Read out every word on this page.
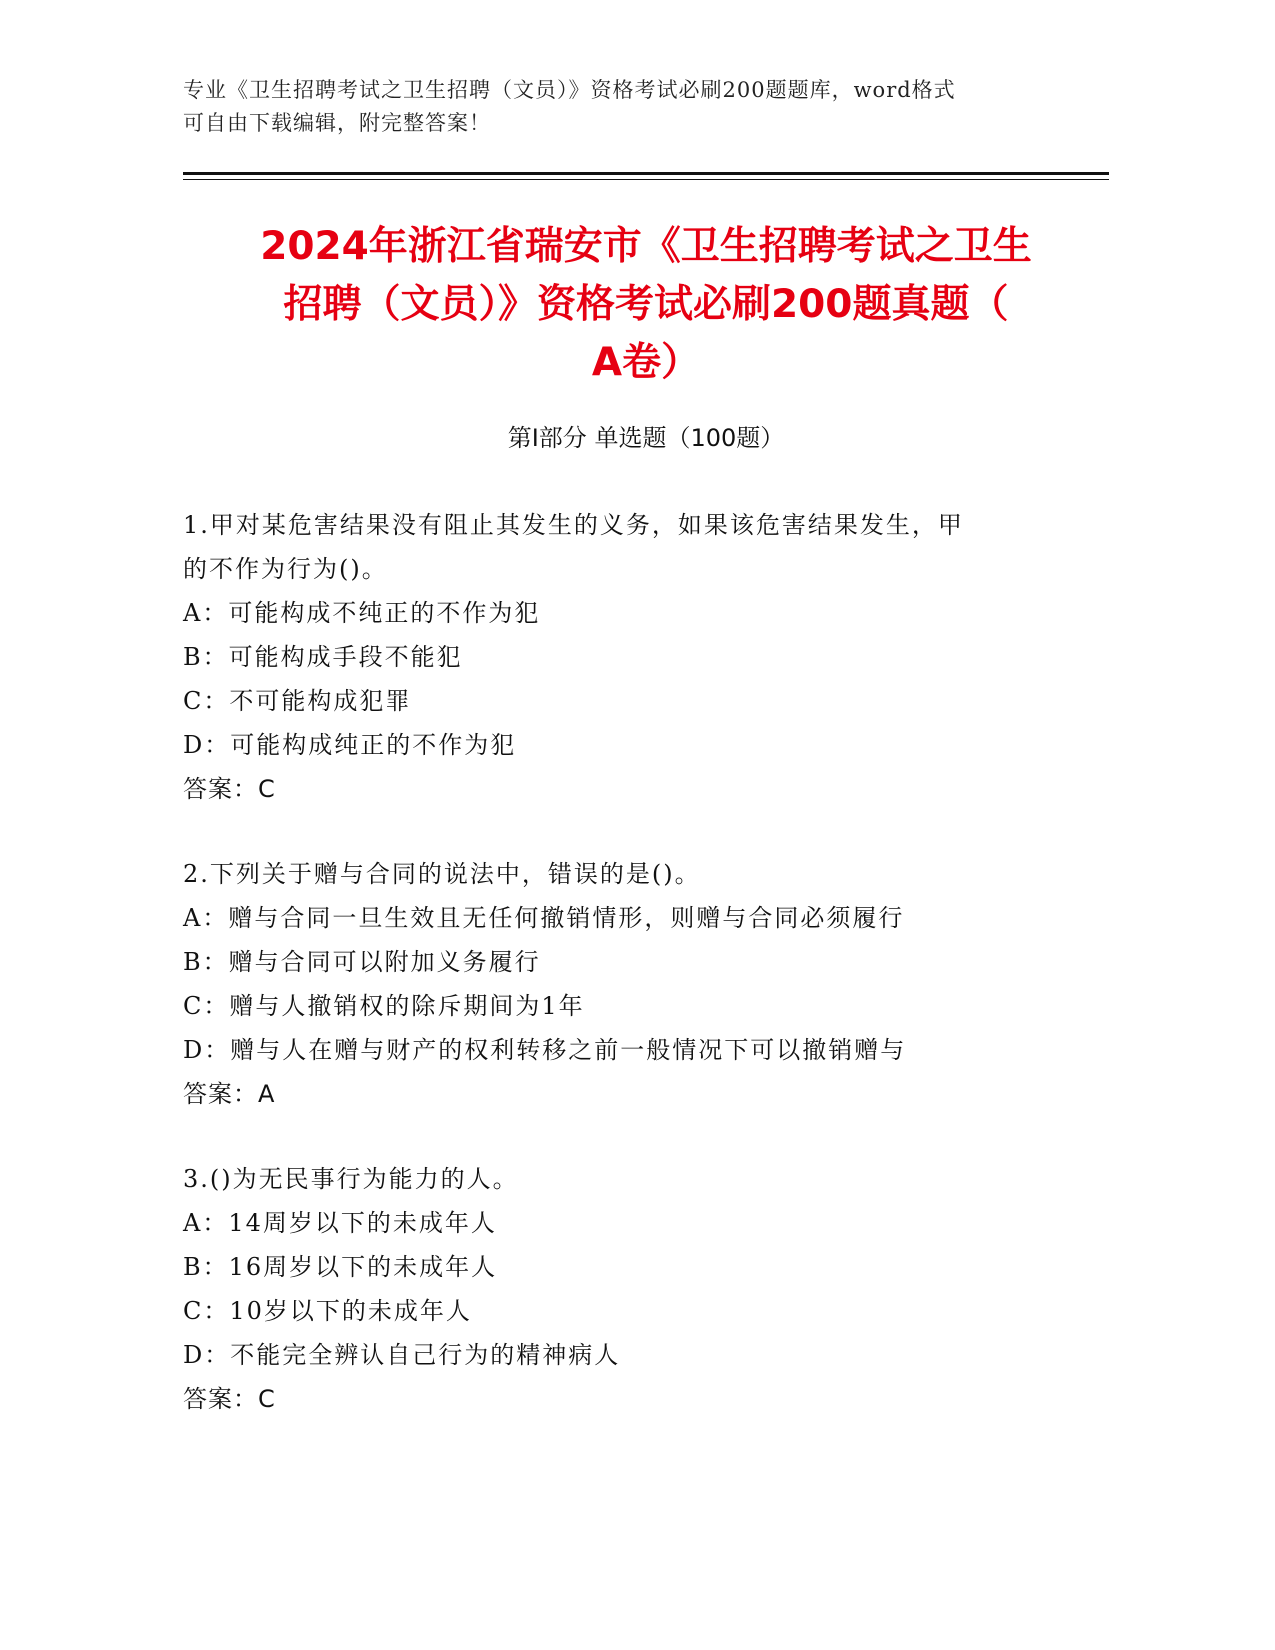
专业《卫生招聘考试之卫生招聘（文员）》资格考试必刷200题题库，word格式
可自由下载编辑，附完整答案！
2024年浙江省瑞安市《卫生招聘考试之卫生
招聘（文员）》资格考试必刷200题真题（
A卷）
第Ⅰ部分 单选题（100题）
1.甲对某危害结果没有阻止其发生的义务，如果该危害结果发生，甲
的不作为行为()。
A：可能构成不纯正的不作为犯
B：可能构成手段不能犯
C：不可能构成犯罪
D：可能构成纯正的不作为犯
答案：C
2.下列关于赠与合同的说法中，错误的是()。
A：赠与合同一旦生效且无任何撤销情形，则赠与合同必须履行
B：赠与合同可以附加义务履行
C：赠与人撤销权的除斥期间为1年
D：赠与人在赠与财产的权利转移之前一般情况下可以撤销赠与
答案：A
3.()为无民事行为能力的人。
A：14周岁以下的未成年人
B：16周岁以下的未成年人
C：10岁以下的未成年人
D：不能完全辨认自己行为的精神病人
答案：C
